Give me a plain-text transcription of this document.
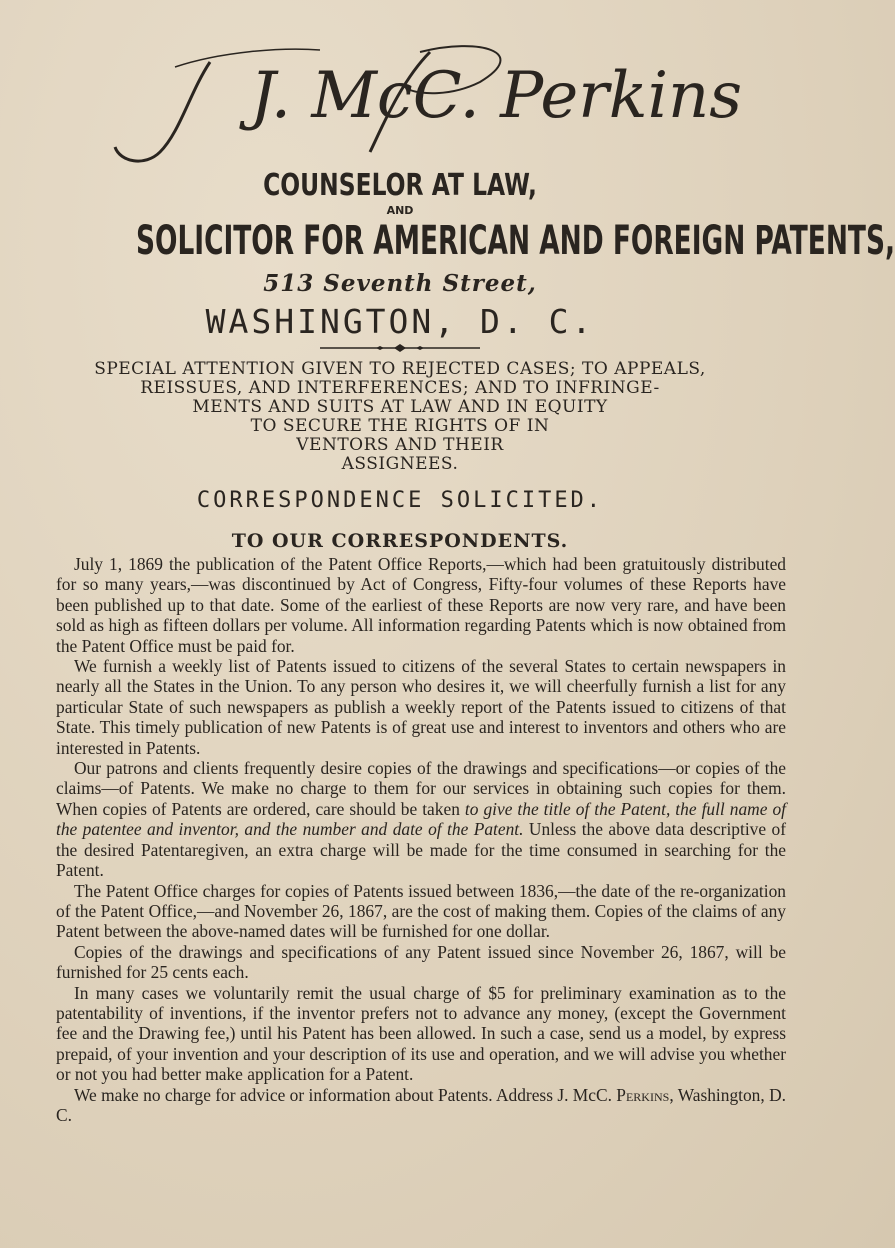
J. McC. Perkins
COUNSELOR AT LAW,
AND
SOLICITOR FOR AMERICAN AND FOREIGN PATENTS,
513 Seventh Street,
WASHINGTON, D. C.
SPECIAL ATTENTION GIVEN TO REJECTED CASES; TO APPEALS,
REISSUES, AND INTERFERENCES; AND TO INFRINGE-
MENTS AND SUITS AT LAW AND IN EQUITY
TO SECURE THE RIGHTS OF IN
VENTORS AND THEIR
ASSIGNEES.
CORRESPONDENCE SOLICITED.
TO OUR CORRESPONDENTS.

July 1, 1869 the publication of the Patent Office Reports,—which had been gratuitously distributed for so many years,—was discontinued by Act of Congress, Fifty-four volumes of these Reports have been published up to that date. Some of the earliest of these Reports are now very rare, and have been sold as high as fifteen dollars per volume. All information regarding Patents which is now obtained from the Patent Office must be paid for.

We furnish a weekly list of Patents issued to citizens of the several States to certain newspapers in nearly all the States in the Union. To any person who desires it, we will cheerfully furnish a list for any particular State of such newspapers as publish a weekly report of the Patents issued to citizens of that State. This timely publication of new Patents is of great use and interest to inventors and others who are interested in Patents.

Our patrons and clients frequently desire copies of the drawings and specifications—or copies of the claims—of Patents. We make no charge to them for our services in obtaining such copies for them. When copies of Patents are ordered, care should be taken to give the title of the Patent, the full name of the patentee and inventor, and the number and date of the Patent. Unless the above data descriptive of the desired Patentaregiven, an extra charge will be made for the time consumed in searching for the Patent.

The Patent Office charges for copies of Patents issued between 1836,—the date of the re-organization of the Patent Office,—and November 26, 1867, are the cost of making them. Copies of the claims of any Patent between the above-named dates will be furnished for one dollar.

Copies of the drawings and specifications of any Patent issued since November 26, 1867, will be furnished for 25 cents each.

In many cases we voluntarily remit the usual charge of $5 for preliminary examination as to the patentability of inventions, if the inventor prefers not to advance any money, (except the Government fee and the Drawing fee,) until his Patent has been allowed. In such a case, send us a model, by express prepaid, of your invention and your description of its use and operation, and we will advise you whether or not you had better make application for a Patent.

We make no charge for advice or information about Patents. Address J. McC. Perkins, Washington, D. C.
